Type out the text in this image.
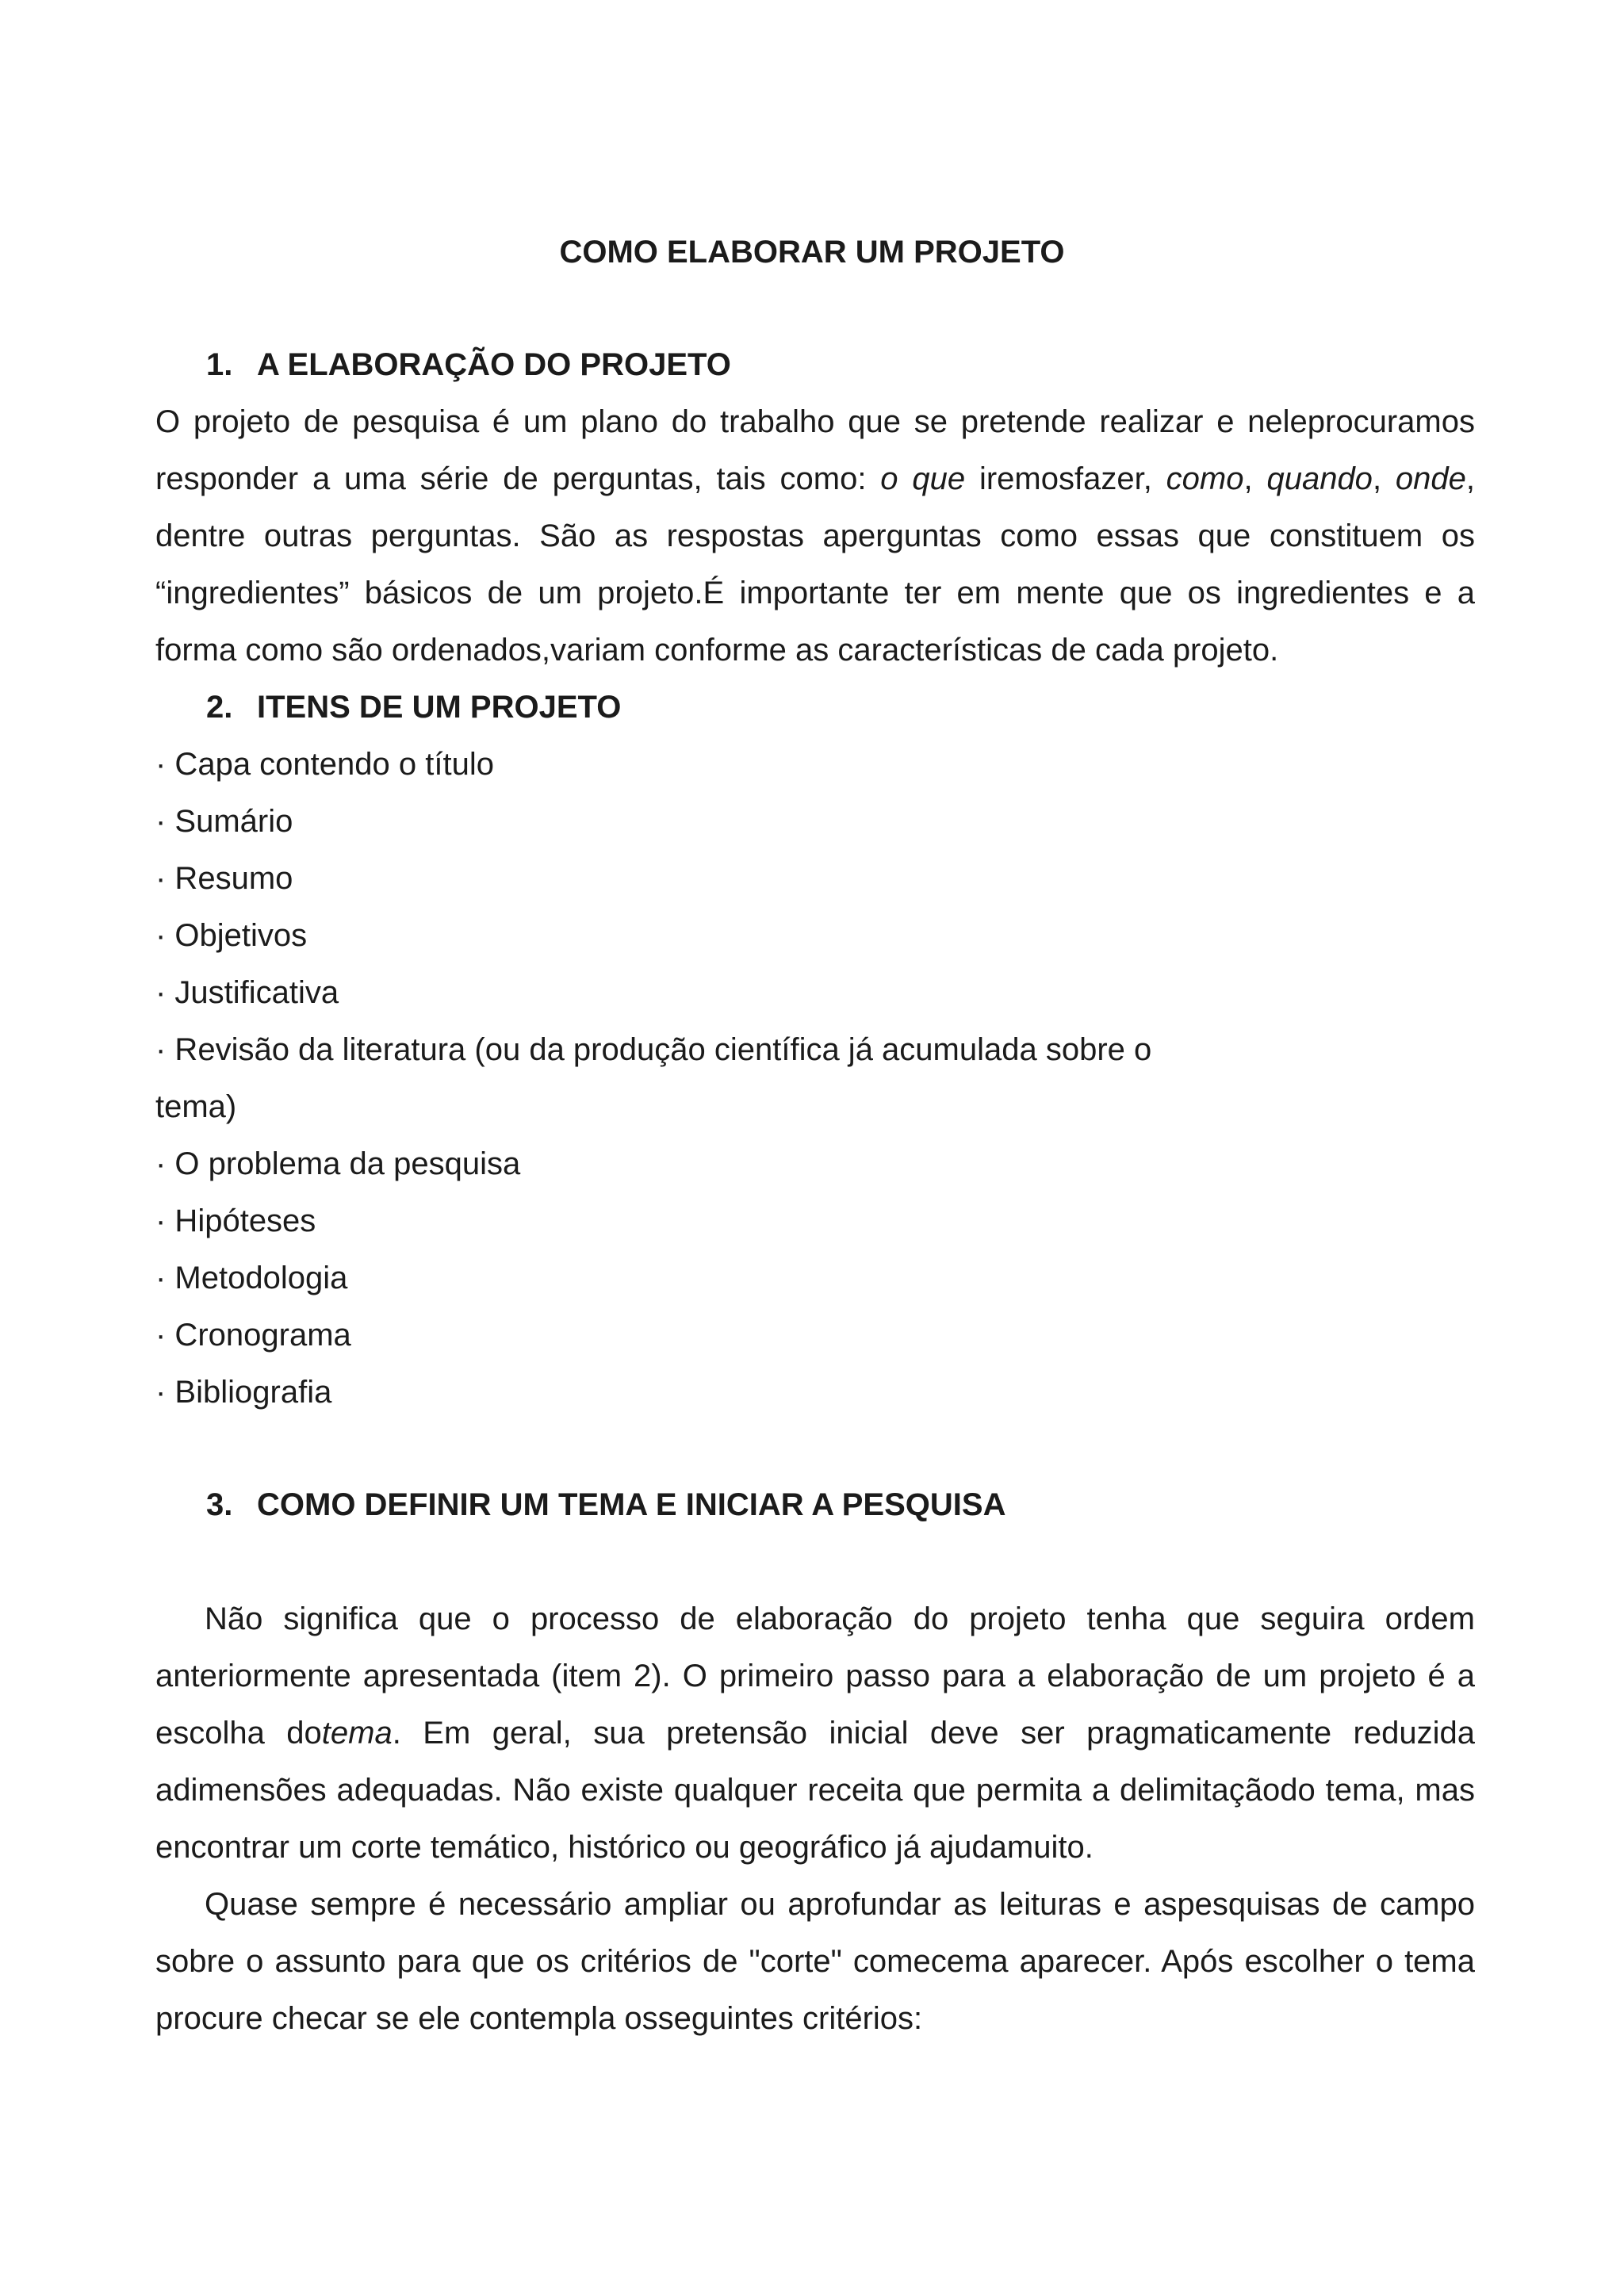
COMO ELABORAR UM PROJETO
1. A ELABORAÇÃO DO PROJETO

O projeto de pesquisa é um plano do trabalho que se pretende realizar e neleprocuramos responder a uma série de perguntas, tais como: o que iremosfazer, como, quando, onde, dentre outras perguntas. São as respostas aperguntas como essas que constituem os “ingredientes” básicos de um projeto.É importante ter em mente que os ingredientes e a forma como são ordenados,variam conforme as características de cada projeto.

2. ITENS DE UM PROJETO
· Capa contendo o título
· Sumário
· Resumo
· Objetivos
· Justificativa
· Revisão da literatura (ou da produção científica já acumulada sobre o
tema)
· O problema da pesquisa
· Hipóteses
· Metodologia
· Cronograma
· Bibliografia
3. COMO DEFINIR UM TEMA E INICIAR A PESQUISA

Não significa que o processo de elaboração do projeto tenha que seguira ordem anteriormente apresentada (item 2). O primeiro passo para a elaboração de um projeto é a escolha dotema. Em geral, sua pretensão inicial deve ser pragmaticamente reduzida adimensões adequadas. Não existe qualquer receita que permita a delimitaçãodo tema, mas encontrar um corte temático, histórico ou geográfico já ajudamuito.

Quase sempre é necessário ampliar ou aprofundar as leituras e aspesquisas de campo sobre o assunto para que os critérios de "corte" comecema aparecer. Após escolher o tema procure checar se ele contempla osseguintes critérios:
